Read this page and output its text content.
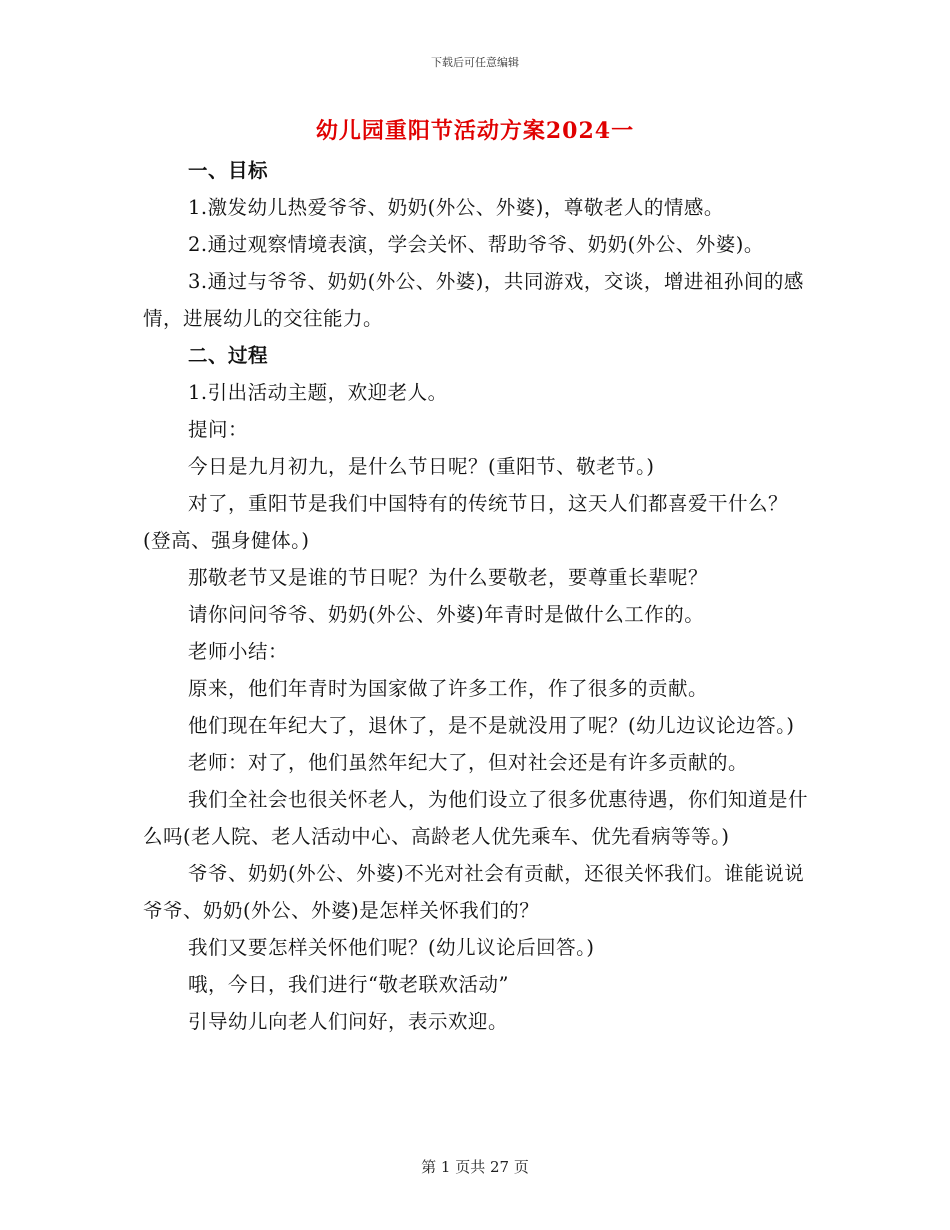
下载后可任意编辑
幼儿园重阳节活动方案2024一

一、目标

1.激发幼儿热爱爷爷、奶奶(外公、外婆)，尊敬老人的情感。

2.通过观察情境表演，学会关怀、帮助爷爷、奶奶(外公、外婆)。

3.通过与爷爷、奶奶(外公、外婆)，共同游戏，交谈，增进祖孙间的感情，进展幼儿的交往能力。

二、过程

1.引出活动主题，欢迎老人。

提问：

今日是九月初九，是什么节日呢？(重阳节、敬老节。)

对了，重阳节是我们中国特有的传统节日，这天人们都喜爱干什么？(登高、强身健体。)

那敬老节又是谁的节日呢？为什么要敬老，要尊重长辈呢？

请你问问爷爷、奶奶(外公、外婆)年青时是做什么工作的。

老师小结：

原来，他们年青时为国家做了许多工作，作了很多的贡献。

他们现在年纪大了，退休了，是不是就没用了呢？(幼儿边议论边答。)

老师：对了，他们虽然年纪大了，但对社会还是有许多贡献的。

我们全社会也很关怀老人，为他们设立了很多优惠待遇，你们知道是什么吗(老人院、老人活动中心、高龄老人优先乘车、优先看病等等。)

爷爷、奶奶(外公、外婆)不光对社会有贡献，还很关怀我们。谁能说说爷爷、奶奶(外公、外婆)是怎样关怀我们的？

我们又要怎样关怀他们呢？(幼儿议论后回答。)

哦，今日，我们进行“敬老联欢活动”

引导幼儿向老人们问好，表示欢迎。

第 1 页共 27 页
